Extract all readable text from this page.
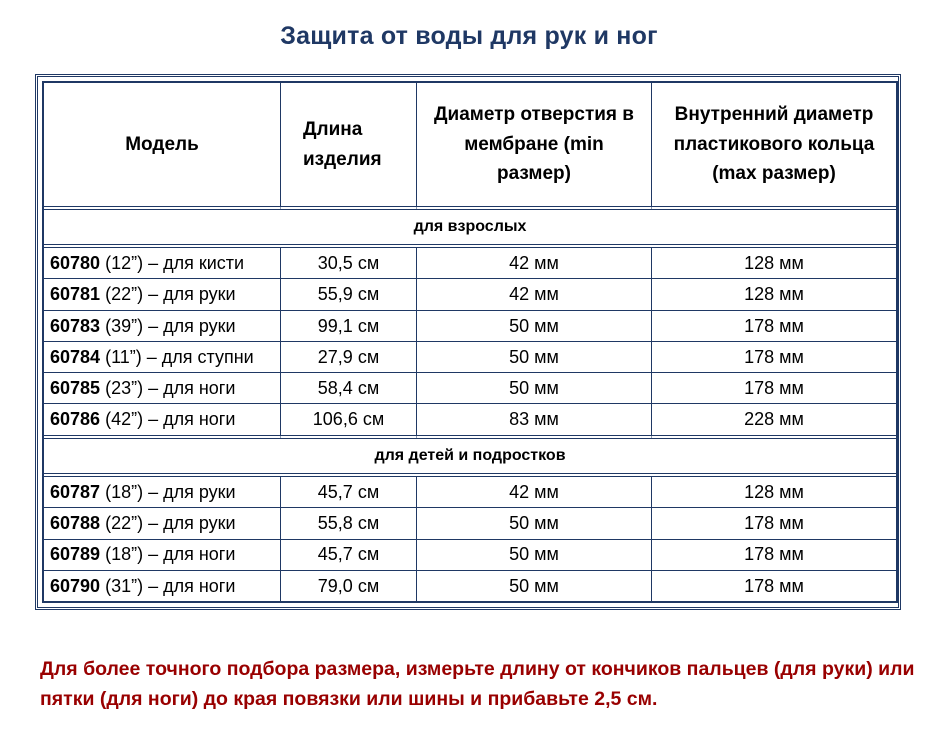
Защита от воды для рук и ног
Модель	Длина изделия	Диаметр отверстия в мембране (min размер)	Внутренний диаметр пластикового кольца (max размер)
для взрослых			
60780 (12”) – для кисти	30,5 см	42 мм	128 мм
60781 (22”) – для руки	55,9 см	42 мм	128 мм
60783 (39”) – для руки	99,1 см	50 мм	178 мм
60784 (11”) – для ступни	27,9 см	50 мм	178 мм
60785 (23”) – для ноги	58,4 см	50 мм	178 мм
60786 (42”) – для ноги	106,6 см	83 мм	228 мм
для детей и подростков			
60787 (18”) – для руки	45,7 см	42 мм	128 мм
60788 (22”) – для руки	55,8 см	50 мм	178 мм
60789 (18”) – для ноги	45,7 см	50 мм	178 мм
60790 (31”) – для ноги	79,0 см	50 мм	178 мм
Для более точного подбора размера, измерьте длину от кончиков пальцев (для руки) или пятки (для ноги) до края повязки или шины и прибавьте 2,5 см.
